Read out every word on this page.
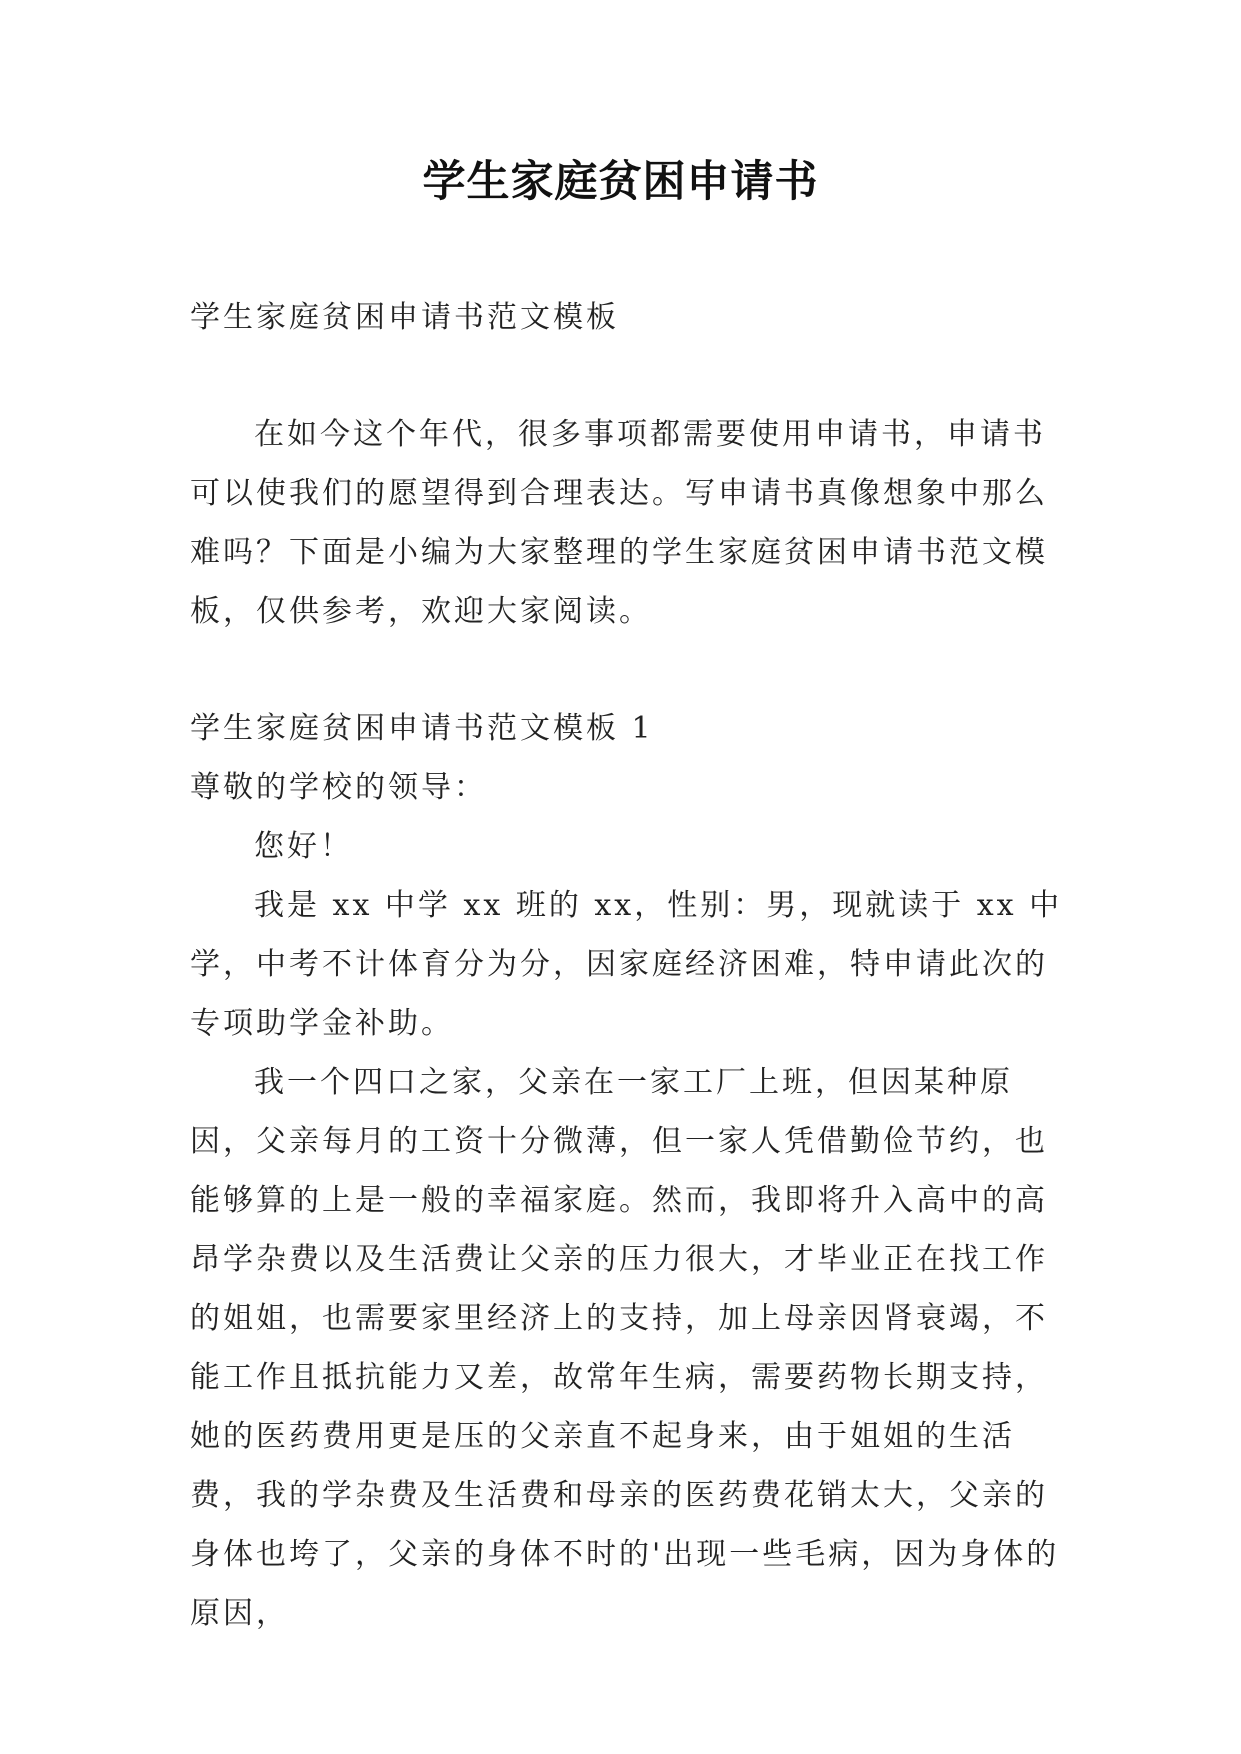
学生家庭贫困申请书

学生家庭贫困申请书范文模板

在如今这个年代，很多事项都需要使用申请书，申请书可以使我们的愿望得到合理表达。写申请书真像想象中那么难吗？下面是小编为大家整理的学生家庭贫困申请书范文模板，仅供参考，欢迎大家阅读。

学生家庭贫困申请书范文模板 1

尊敬的学校的领导：

您好！

我是 xx 中学 xx 班的 xx，性别：男，现就读于 xx 中学，中考不计体育分为分，因家庭经济困难，特申请此次的专项助学金补助。

我一个四口之家，父亲在一家工厂上班，但因某种原因，父亲每月的工资十分微薄，但一家人凭借勤俭节约，也能够算的上是一般的幸福家庭。然而，我即将升入高中的高昂学杂费以及生活费让父亲的压力很大，才毕业正在找工作的姐姐，也需要家里经济上的支持，加上母亲因肾衰竭，不能工作且抵抗能力又差，故常年生病，需要药物长期支持，她的医药费用更是压的父亲直不起身来，由于姐姐的生活费，我的学杂费及生活费和母亲的医药费花销太大，父亲的身体也垮了，父亲的身体不时的'出现一些毛病，因为身体的原因，
